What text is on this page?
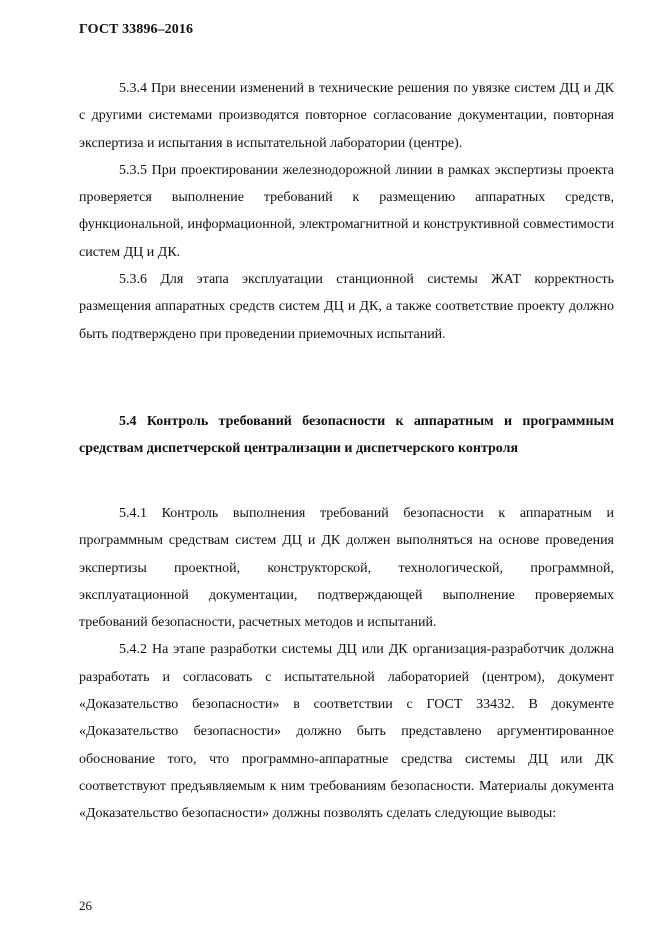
ГОСТ 33896–2016

5.3.4 При внесении изменений в технические решения по увязке систем ДЦ и ДК с другими системами производятся повторное согласование документации, повторная экспертиза и испытания в испытательной лаборатории (центре).

5.3.5 При проектировании железнодорожной линии в рамках экспертизы проекта проверяется выполнение требований к размещению аппаратных средств, функциональной, информационной, электромагнитной и конструктивной совместимости систем ДЦ и ДК.

5.3.6 Для этапа эксплуатации станционной системы ЖАТ корректность размещения аппаратных средств систем ДЦ и ДК, а также соответствие проекту должно быть подтверждено при проведении приемочных испытаний.

5.4 Контроль требований безопасности к аппаратным и программным средствам диспетчерской централизации и диспетчерского контроля

5.4.1 Контроль выполнения требований безопасности к аппаратным и программным средствам систем ДЦ и ДК должен выполняться на основе проведения экспертизы проектной, конструкторской, технологической, программной, эксплуатационной документации, подтверждающей выполнение проверяемых требований безопасности, расчетных методов и испытаний.

5.4.2 На этапе разработки системы ДЦ или ДК организация-разработчик должна разработать и согласовать с испытательной лабораторией (центром), документ «Доказательство безопасности» в соответствии с ГОСТ 33432. В документе «Доказательство безопасности» должно быть представлено аргументированное обоснование того, что программно-аппаратные средства системы ДЦ или ДК соответствуют предъявляемым к ним требованиям безопасности. Материалы документа «Доказательство безопасности» должны позволять сделать следующие выводы:

26
